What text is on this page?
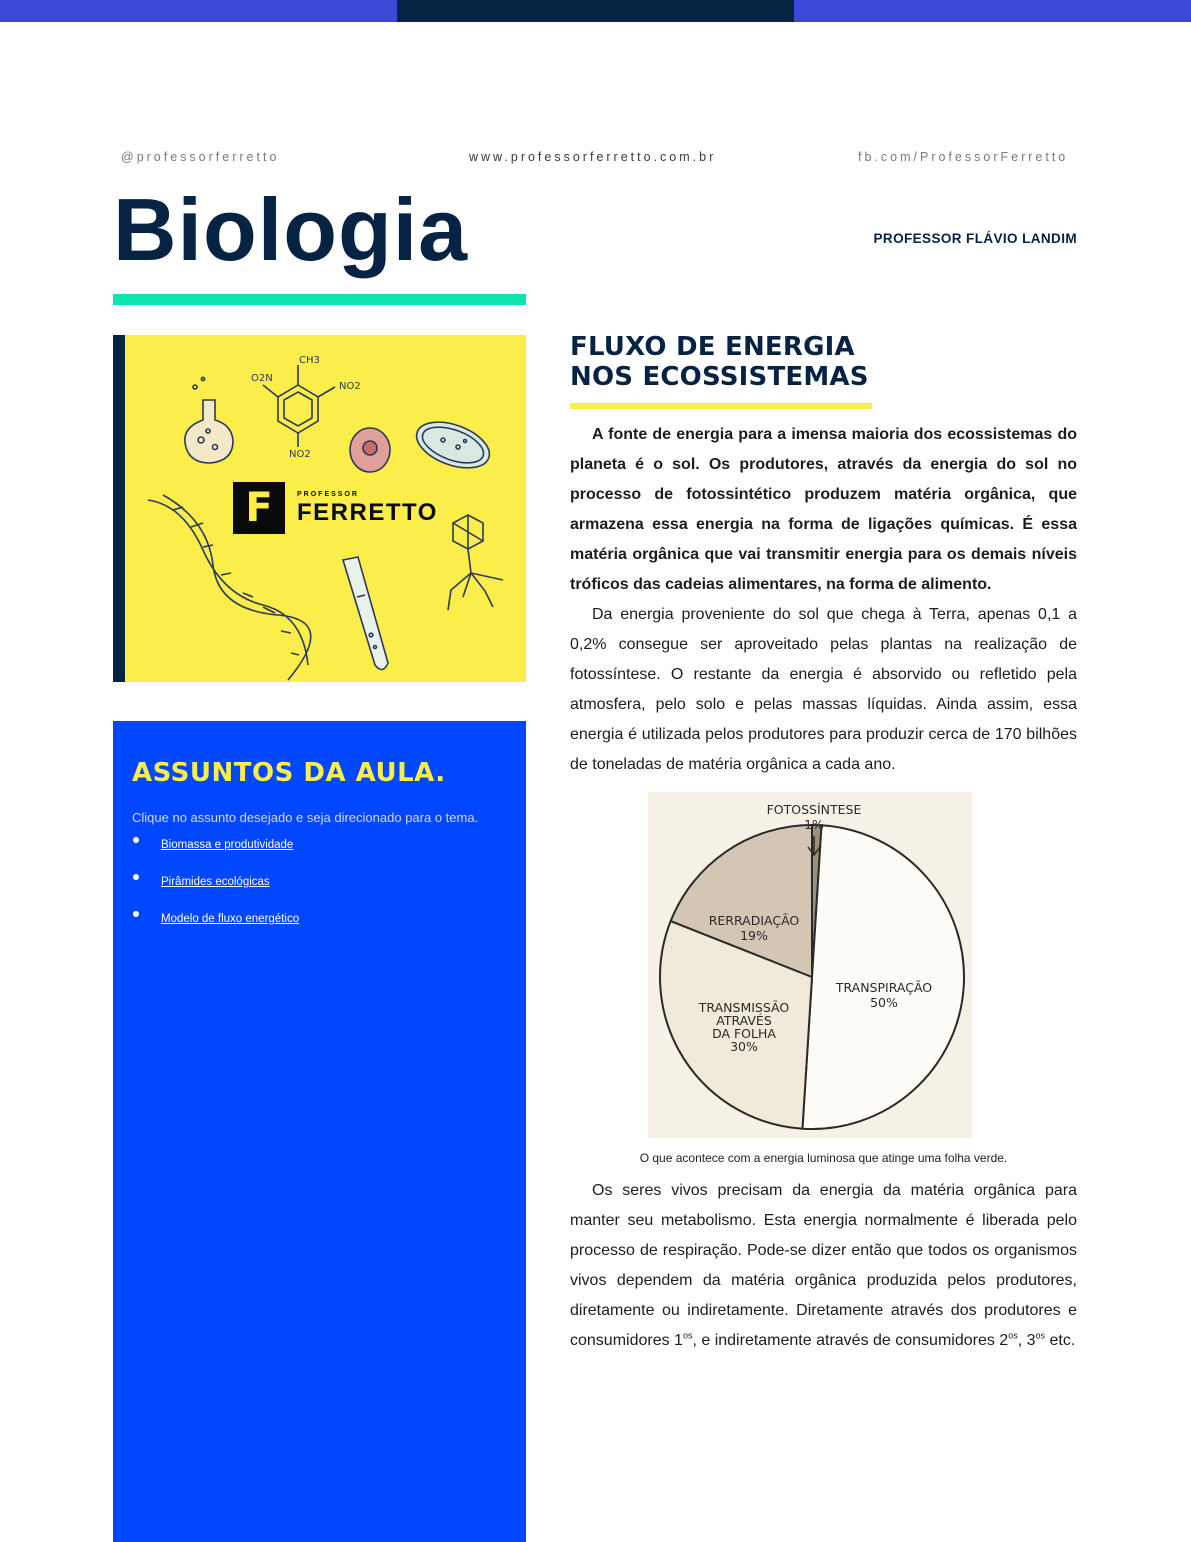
@professorferretto	www.professorferretto.com.br	fb.com/ProfessorFerretto
Biologia	PROFESSOR FLÁVIO LANDIM
CH3
O2N
NO2
NO2
F	PROFESSOR
FERRETTO
ASSUNTOS DA AULA.
Clique no assunto desejado e seja direcionado para o tema.
Biomassa e produtividade
Pirâmides ecológicas
Modelo de fluxo energético
FLUXO DE ENERGIA
NOS ECOSSISTEMAS
A fonte de energia para a imensa maioria dos ecossistemas do planeta é o sol. Os produtores, através da energia do sol no processo de fotossintético produzem matéria orgânica, que armazena essa energia na forma de ligações químicas. É essa matéria orgânica que vai transmitir energia para os demais níveis tróficos das cadeias alimentares, na forma de alimento.
Da energia proveniente do sol que chega à Terra, apenas 0,1 a 0,2% consegue ser aproveitado pelas plantas na realização de fotossíntese. O restante da energia é absorvido ou refletido pela atmosfera, pelo solo e pelas massas líquidas. Ainda assim, essa energia é utilizada pelos produtores para produzir cerca de 170 bilhões de toneladas de matéria orgânica a cada ano.
FOTOSSÍNTESE
1%
RERRADIAÇÃO
19%
TRANSPIRAÇÃO
50%
TRANSMISSÃO
ATRAVÉS
DA FOLHA
30%
O que acontece com a energia luminosa que atinge uma folha verde.
Os seres vivos precisam da energia da matéria orgânica para manter seu metabolismo. Esta energia normalmente é liberada pelo processo de respiração. Pode-se dizer então que todos os organismos vivos dependem da matéria orgânica produzida pelos produtores, diretamente ou indiretamente. Diretamente através dos produtores e consumidores $1^{os}$, e indiretamente através de consumidores $2^{os}$, $3^{os}$ etc.
